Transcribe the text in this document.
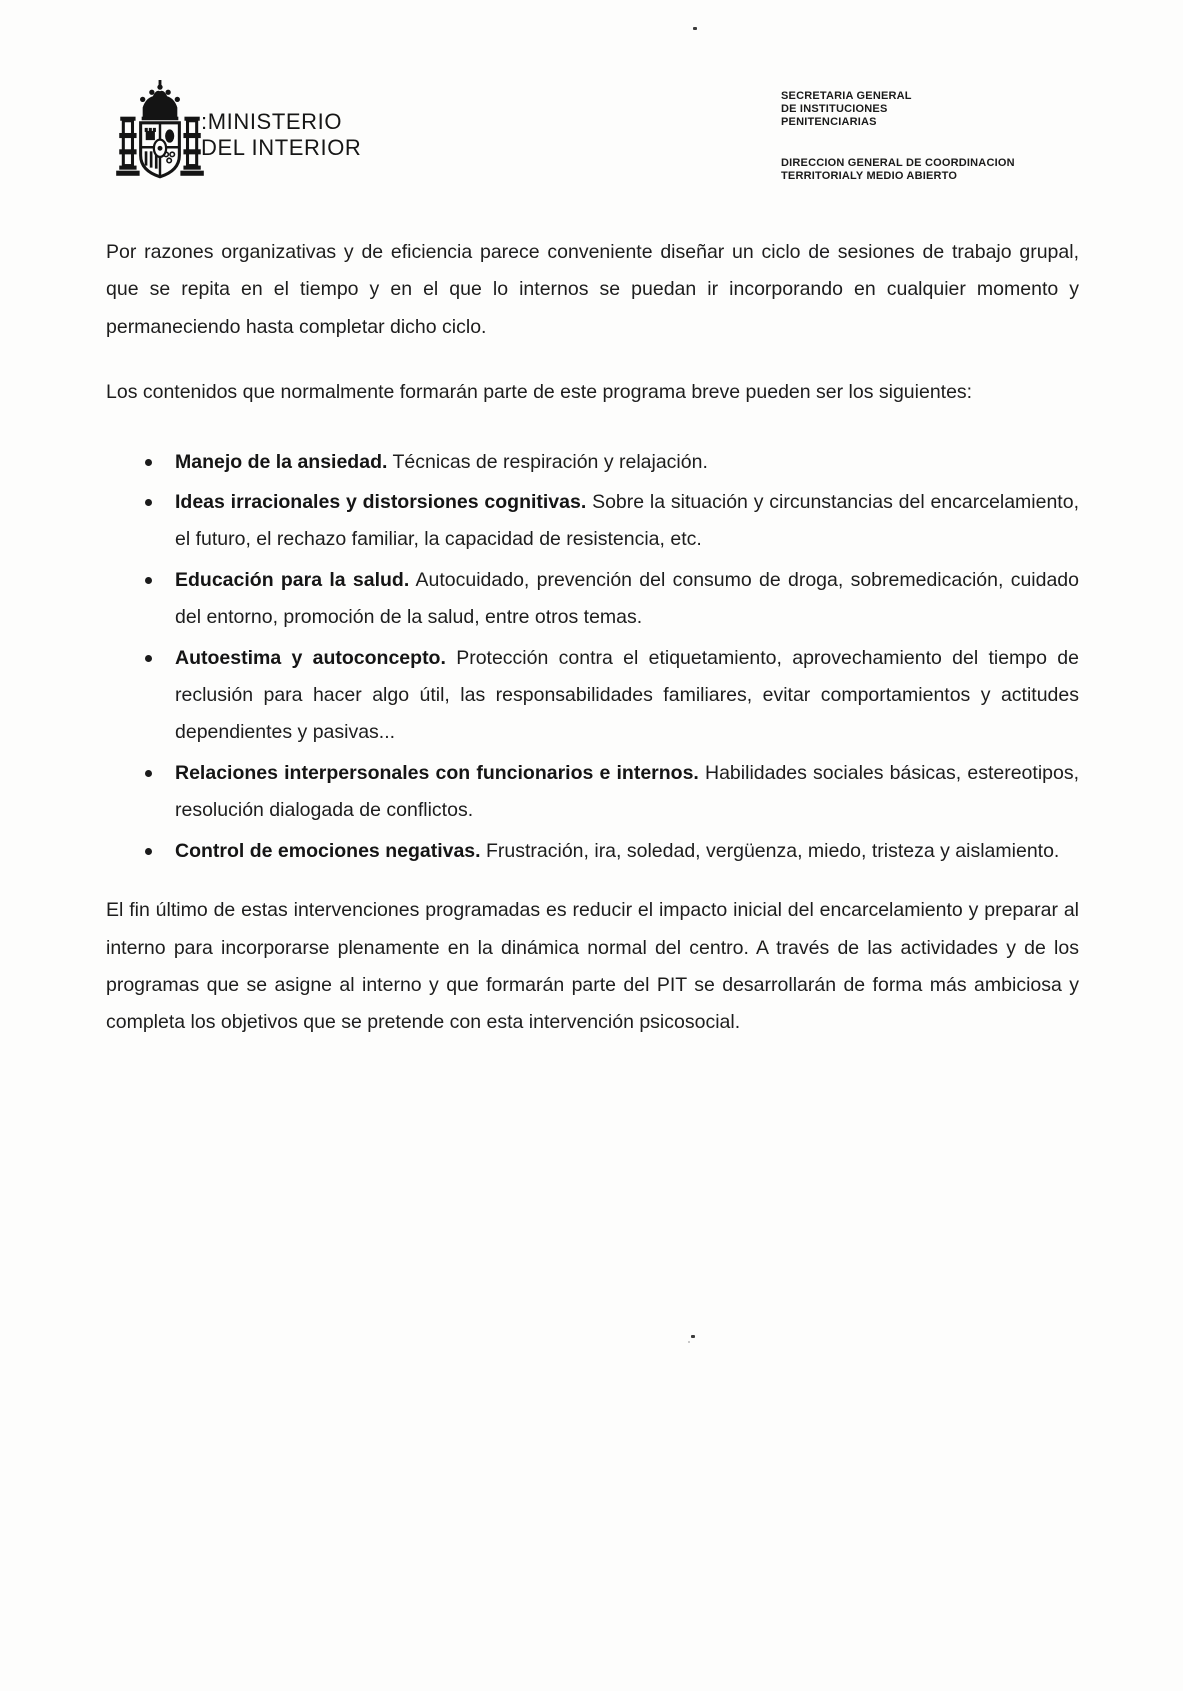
:MINISTERIO
DEL INTERIOR
SECRETARIA GENERAL
DE INSTITUCIONES
PENITENCIARIAS
DIRECCION GENERAL DE COORDINACION
TERRITORIALY MEDIO ABIERTO

Por razones organizativas y de eficiencia parece conveniente diseñar un ciclo de sesiones de trabajo grupal, que se repita en el tiempo y en el que lo internos se puedan ir incorporando en cualquier momento y permaneciendo hasta completar dicho ciclo.

Los contenidos que normalmente formarán parte de este programa breve pueden ser los siguientes:

Manejo de la ansiedad. Técnicas de respiración y relajación.
Ideas irracionales y distorsiones cognitivas. Sobre la situación y circunstancias del encarcelamiento, el futuro, el rechazo familiar, la capacidad de resistencia, etc.
Educación para la salud. Autocuidado, prevención del consumo de droga, sobremedicación, cuidado del entorno, promoción de la salud, entre otros temas.
Autoestima y autoconcepto. Protección contra el etiquetamiento, aprovechamiento del tiempo de reclusión para hacer algo útil, las responsabilidades familiares, evitar comportamientos y actitudes dependientes y pasivas...
Relaciones interpersonales con funcionarios e internos. Habilidades sociales básicas, estereotipos, resolución dialogada de conflictos.
Control de emociones negativas. Frustración, ira, soledad, vergüenza, miedo, tristeza y aislamiento.

El fin último de estas intervenciones programadas es reducir el impacto inicial del encarcelamiento y preparar al interno para incorporarse plenamente en la dinámica normal del centro. A través de las actividades y de los programas que se asigne al interno y que formarán parte del PIT se desarrollarán de forma más ambiciosa y completa los objetivos que se pretende con esta intervención psicosocial.
